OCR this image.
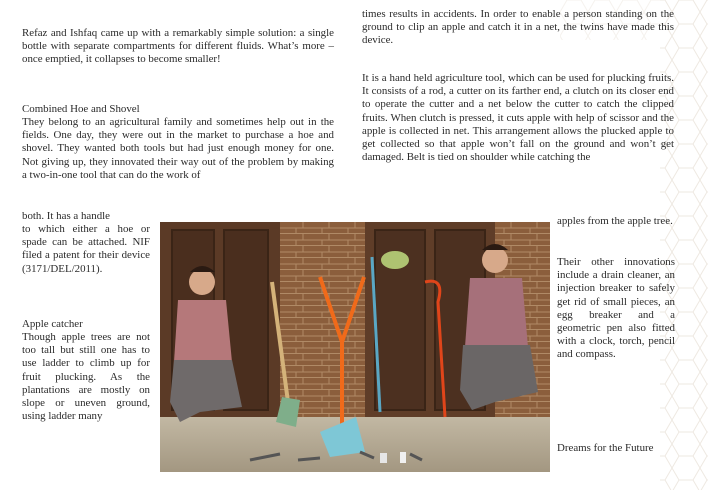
Refaz and Ishfaq came up with a remarkably simple solution: a single bottle with separate compartments for different fluids. What’s more – once emptied, it collapses to become smaller!

Combined Hoe and Shovel

They belong to an agricultural family and sometimes help out in the fields. One day, they were out in the market to purchase a hoe and shovel. They wanted both tools but had just enough money for one. Not giving up, they innovated their way out of the problem by making a two-in-one tool that can do the work of

both. It has a handle

to which either a hoe or spade can be attached. NIF filed a patent for their device (3171/DEL/2011).

Apple catcher

Though apple trees are not too tall but still one has to use ladder to climb up for fruit plucking. As the plantations are mostly on slope or uneven ground, using ladder many

times results in accidents. In order to enable a person standing on the ground to clip an apple and catch it in a net, the twins have made this device.

It is a hand held agriculture tool, which can be used for plucking fruits. It consists of a rod, a cutter on its farther end, a clutch on its closer end to operate the cutter and a net below the cutter to catch the clipped fruits. When clutch is pressed, it cuts apple with help of scissor and the apple is collected in net. This arrangement allows the plucked apple to get collected so that apple won’t fall on the ground and won’t get damaged. Belt is tied on shoulder while catching the

apples from the apple tree.

Their other innovations include a drain cleaner, an injection breaker to safely get rid of small pieces, an egg breaker and a geometric pen also fitted with a clock, torch, pencil and compass.

Dreams for the Future
